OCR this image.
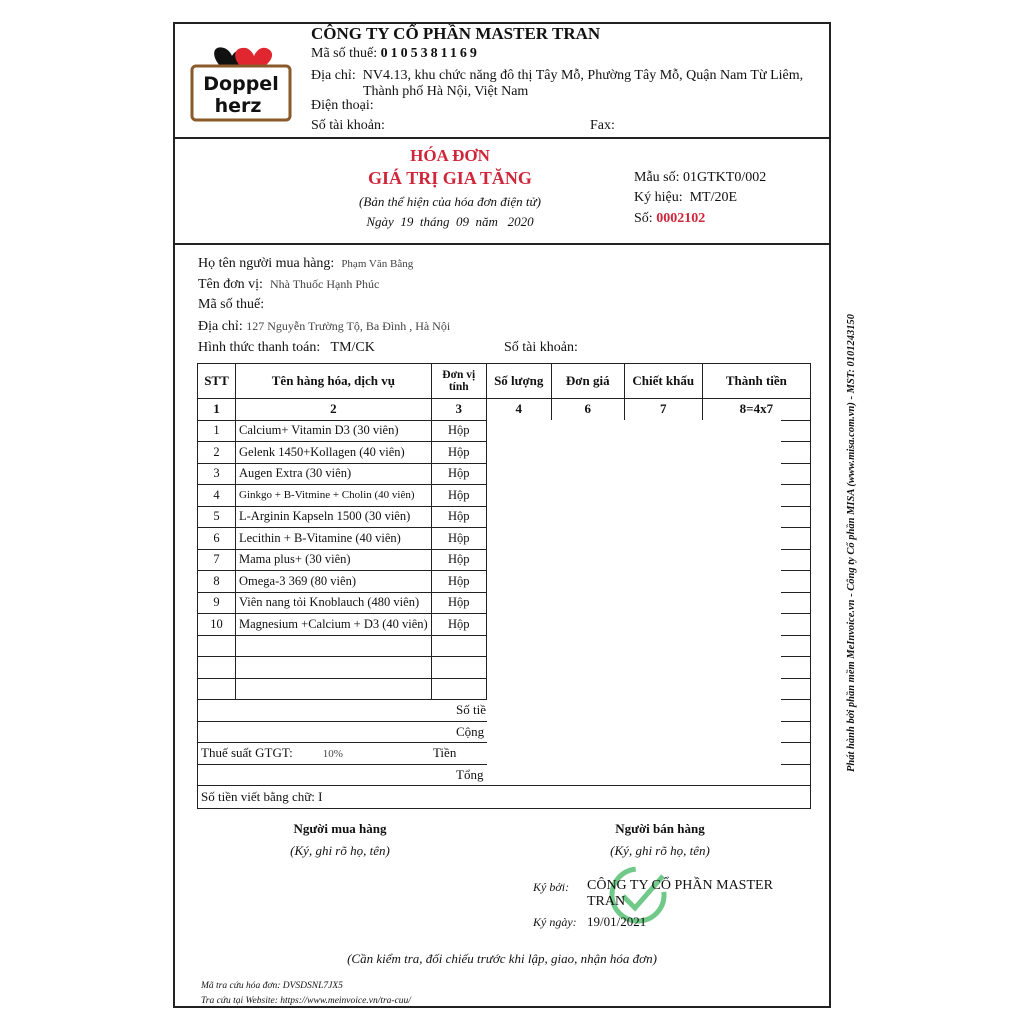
Doppel
herz
CÔNG TY CỔ PHẦN MASTER TRAN
Mã số thuế: 0105381169
Địa chỉ: NV4.13, khu chức năng đô thị Tây Mỗ, Phường Tây Mỗ, Quận Nam Từ Liêm,
Thành phố Hà Nội, Việt Nam
Điện thoại:
Số tài khoản:	Fax:
HÓA ĐƠN
GIÁ TRỊ GIA TĂNG
(Bản thể hiện của hóa đơn điện tử)
Ngày  19  tháng  09  năm   2020
Mẫu số: 01GTKT0/002
Ký hiệu: MT/20E
Số: 0002102
Họ tên người mua hàng: Phạm Văn Bằng
Tên đơn vị: Nhà Thuốc Hạnh Phúc
Mã số thuế:
Địa chỉ: 127 Nguyễn Trường Tộ, Ba Đình , Hà Nội
Hình thức thanh toán: TM/CK	Số tài khoản:
STT	Tên hàng hóa, dịch vụ	Đơn vị tính	Số lượng	Đơn giá	Chiết khấu	Thành tiền
1	2	3	4	6	7	8=4x7
1	Calcium+ Vitamin D3 (30 viên)	Hộp				
2	Gelenk 1450+Kollagen (40 viên)	Hộp				
3	Augen Extra (30 viên)	Hộp				
4	Ginkgo + B-Vitmine + Cholin (40 viên)	Hộp				
5	L-Arginin Kapseln 1500 (30 viên)	Hộp				
6	Lecithin + B-Vitamine (40 viên)	Hộp				
7	Mama plus+ (30 viên)	Hộp				
8	Omega-3 369 (80 viên)	Hộp				
9	Viên nang tỏi Knoblauch (480 viên)	Hộp				
10	Magnesium +Calcium + D3 (40 viên)	Hộp				

Số tiề						
Cộng						
Thuế suất GTGT: 10% Tiền						
Tổng						
Số tiền viết bằng chữ: I						
Người mua hàng
(Ký, ghi rõ họ, tên)
Người bán hàng
(Ký, ghi rõ họ, tên)
Ký bởi: CÔNG TY CỔ PHẦN MASTER TRAN
Ký ngày: 19/01/2021
(Cần kiểm tra, đối chiếu trước khi lập, giao, nhận hóa đơn)
Mã tra cứu hóa đơn: DVSDSNL7JX5
Tra cứu tại Website: https://www.meinvoice.vn/tra-cuu/
Phát hành bởi phần mềm MeInvoice.vn - Công ty Cổ phần MISA (www.misa.com.vn) - MST: 0101243150
